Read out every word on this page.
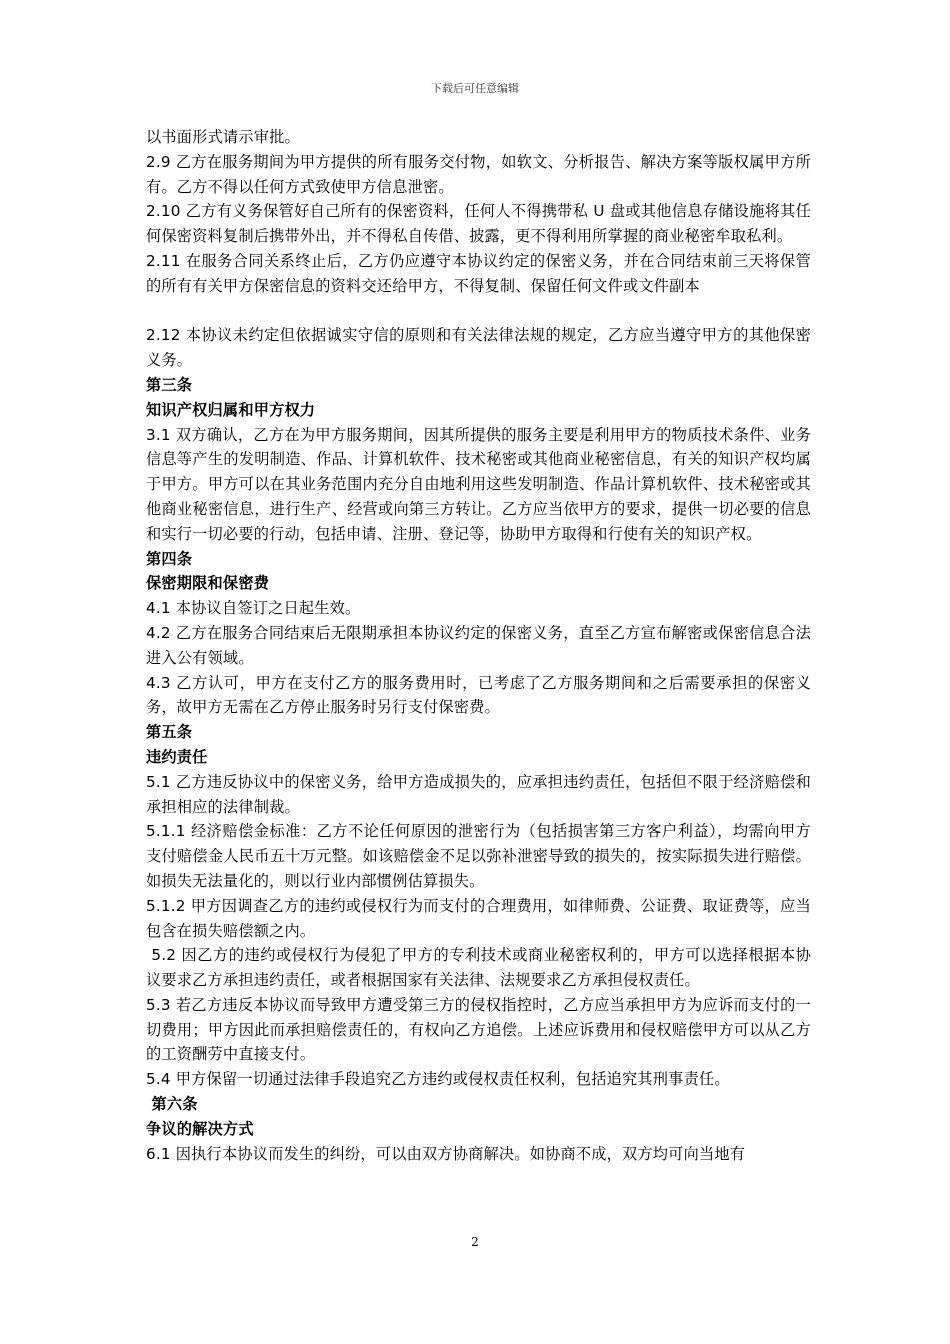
下载后可任意编辑

以书面形式请示审批。

2.9 乙方在服务期间为甲方提供的所有服务交付物，如软文、分析报告、解决方案等版权属甲方所有。乙方不得以任何方式致使甲方信息泄密。

2.10 乙方有义务保管好自己所有的保密资料，任何人不得携带私 U 盘或其他信息存储设施将其任何保密资料复制后携带外出，并不得私自传借、披露，更不得利用所掌握的商业秘密牟取私利。

2.11 在服务合同关系终止后，乙方仍应遵守本协议约定的保密义务，并在合同结束前三天将保管的所有有关甲方保密信息的资料交还给甲方，不得复制、保留任何文件或文件副本

2.12 本协议未约定但依据诚实守信的原则和有关法律法规的规定，乙方应当遵守甲方的其他保密义务。

第三条

知识产权归属和甲方权力

3.1 双方确认，乙方在为甲方服务期间，因其所提供的服务主要是利用甲方的物质技术条件、业务信息等产生的发明制造、作品、计算机软件、技术秘密或其他商业秘密信息，有关的知识产权均属于甲方。甲方可以在其业务范围内充分自由地利用这些发明制造、作品计算机软件、技术秘密或其他商业秘密信息，进行生产、经营或向第三方转让。乙方应当依甲方的要求，提供一切必要的信息和实行一切必要的行动，包括申请、注册、登记等，协助甲方取得和行使有关的知识产权。

第四条

保密期限和保密费

4.1 本协议自签订之日起生效。

4.2 乙方在服务合同结束后无限期承担本协议约定的保密义务，直至乙方宣布解密或保密信息合法进入公有领域。

4.3 乙方认可，甲方在支付乙方的服务费用时，已考虑了乙方服务期间和之后需要承担的保密义务，故甲方无需在乙方停止服务时另行支付保密费。

第五条

违约责任

5.1 乙方违反协议中的保密义务，给甲方造成损失的，应承担违约责任，包括但不限于经济赔偿和承担相应的法律制裁。

5.1.1 经济赔偿金标准：乙方不论任何原因的泄密行为（包括损害第三方客户利益），均需向甲方支付赔偿金人民币五十万元整。如该赔偿金不足以弥补泄密导致的损失的，按实际损失进行赔偿。如损失无法量化的，则以行业内部惯例估算损失。

5.1.2 甲方因调查乙方的违约或侵权行为而支付的合理费用，如律师费、公证费、取证费等，应当包含在损失赔偿额之内。

5.2 因乙方的违约或侵权行为侵犯了甲方的专利技术或商业秘密权利的，甲方可以选择根据本协议要求乙方承担违约责任，或者根据国家有关法律、法规要求乙方承担侵权责任。

5.3 若乙方违反本协议而导致甲方遭受第三方的侵权指控时，乙方应当承担甲方为应诉而支付的一切费用；甲方因此而承担赔偿责任的，有权向乙方追偿。上述应诉费用和侵权赔偿甲方可以从乙方的工资酬劳中直接支付。

5.4 甲方保留一切通过法律手段追究乙方违约或侵权责任权利，包括追究其刑事责任。

第六条

争议的解决方式

6.1 因执行本协议而发生的纠纷，可以由双方协商解决。如协商不成，双方均可向当地有

2
